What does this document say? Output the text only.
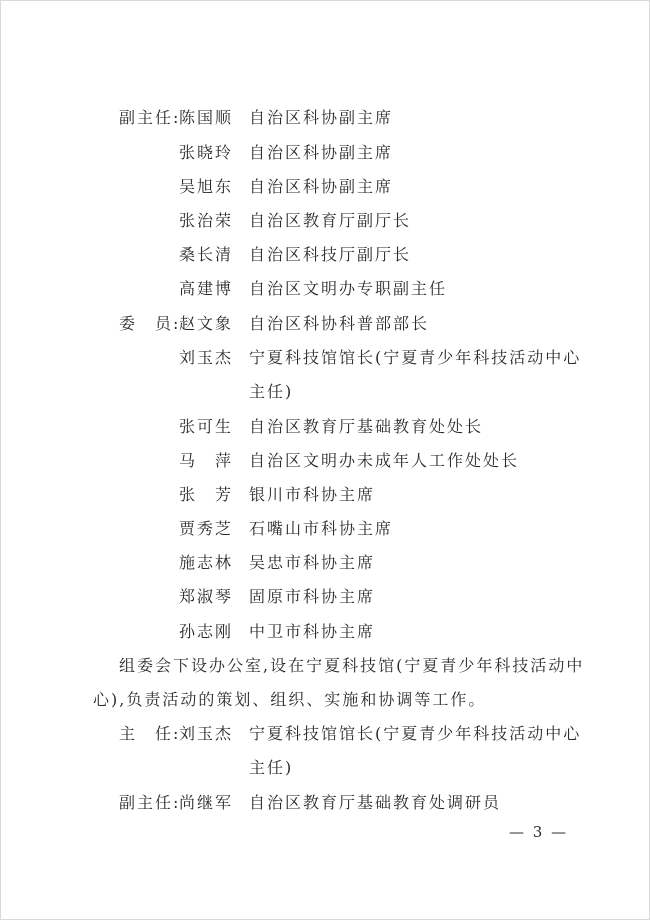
副主任:
陈国顺 自治区科协副主席
张晓玲 自治区科协副主席
吴旭东 自治区科协副主席
张治荣 自治区教育厅副厅长
桑长清 自治区科技厅副厅长
高建博 自治区文明办专职副主任
委　员:
赵文象 自治区科协科普部部长
刘玉杰 宁夏科技馆馆长(宁夏青少年科技活动中心
主任)
张可生 自治区教育厅基础教育处处长
马　萍 自治区文明办未成年人工作处处长
张　芳 银川市科协主席
贾秀芝 石嘴山市科协主席
施志林 吴忠市科协主席
郑淑琴 固原市科协主席
孙志刚 中卫市科协主席
组委会下设办公室,设在宁夏科技馆(宁夏青少年科技活动中
心),负责活动的策划、组织、实施和协调等工作。
主　任:
刘玉杰 宁夏科技馆馆长(宁夏青少年科技活动中心
主任)
副主任:
尚继军 自治区教育厅基础教育处调研员
— 3 —
